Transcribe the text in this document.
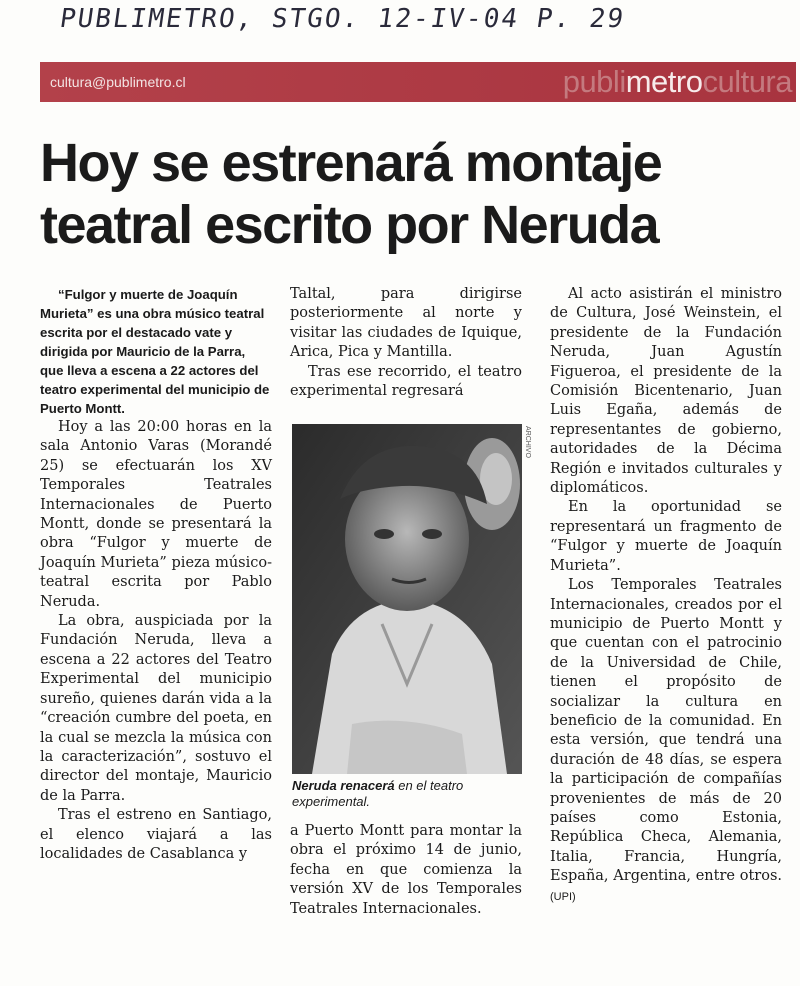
PUBLIMETRO, STGO. 12-IV-04 P. 29
cultura@publimetro.cl	publimetrocultura
Hoy se estrenará montaje teatral escrito por Neruda

“Fulgor y muerte de Joaquín Murieta” es una obra músico teatral escrita por el destacado vate y dirigida por Mauricio de la Parra, que lleva a escena a 22 actores del teatro experimental del municipio de Puerto Montt.

Hoy a las 20:00 horas en la sala Antonio Varas (Morandé 25) se efectuarán los XV Temporales Teatrales Internacionales de Puerto Montt, donde se presentará la obra “Fulgor y muerte de Joaquín Murieta” pieza músico-teatral escrita por Pablo Neruda.

La obra, auspiciada por la Fundación Neruda, lleva a escena a 22 actores del Teatro Experimental del municipio sureño, quienes darán vida a la “creación cumbre del poeta, en la cual se mezcla la música con la caracterización”, sostuvo el director del montaje, Mauricio de la Parra.

Tras el estreno en Santiago, el elenco viajará a las localidades de Casablanca y

Taltal, para dirigirse posteriormente al norte y visitar las ciudades de Iquique, Arica, Pica y Mantilla.

Tras ese recorrido, el teatro experimental regresará

ARCHIVO
Neruda renacerá en el teatro experimental.

a Puerto Montt para montar la obra el próximo 14 de junio, fecha en que comienza la versión XV de los Temporales Teatrales Internacionales.

Al acto asistirán el ministro de Cultura, José Weinstein, el presidente de la Fundación Neruda, Juan Agustín Figueroa, el presidente de la Comisión Bicentenario, Juan Luis Egaña, además de representantes de gobierno, autoridades de la Décima Región e invitados culturales y diplomáticos.

En la oportunidad se representará un fragmento de “Fulgor y muerte de Joaquín Murieta”.

Los Temporales Teatrales Internacionales, creados por el municipio de Puerto Montt y que cuentan con el patrocinio de la Universidad de Chile, tienen el propósito de socializar la cultura en beneficio de la comunidad. En esta versión, que tendrá una duración de 48 días, se espera la participación de compañías provenientes de más de 20 países como Estonia, República Checa, Alemania, Italia, Francia, Hungría, España, Argentina, entre otros. (UPI)
